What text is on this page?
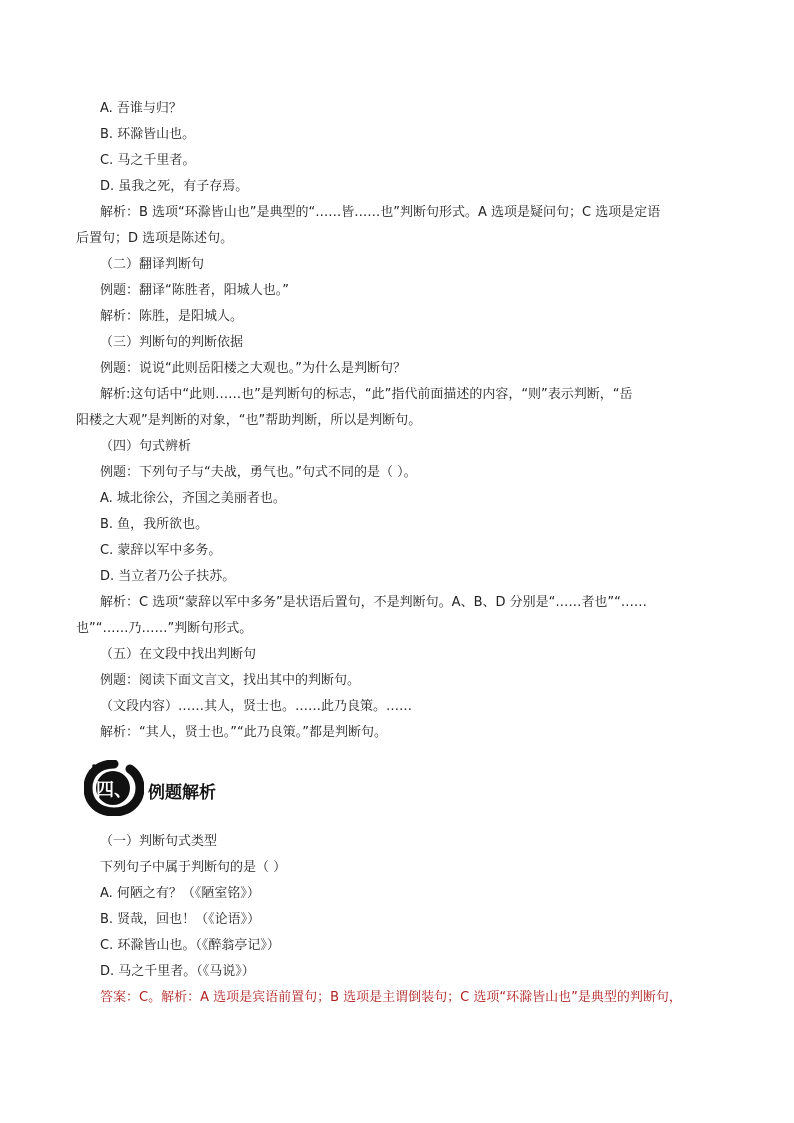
A. 吾谁与归？
B. 环滁皆山也。
C. 马之千里者。
D. 虽我之死，有子存焉。
解析：B 选项“环滁皆山也”是典型的“……皆……也”判断句形式。A 选项是疑问句；C 选项是定语
后置句；D 选项是陈述句。
（二）翻译判断句
例题：翻译“陈胜者，阳城人也。”
解析：陈胜，是阳城人。
（三）判断句的判断依据
例题：说说“此则岳阳楼之大观也。”为什么是判断句？
解析:这句话中“此则……也”是判断句的标志，“此”指代前面描述的内容，“则”表示判断，“岳
阳楼之大观”是判断的对象，“也”帮助判断，所以是判断句。
（四）句式辨析
例题：下列句子与“夫战，勇气也。”句式不同的是（ ）。
A. 城北徐公，齐国之美丽者也。
B. 鱼，我所欲也。
C. 蒙辞以军中多务。
D. 当立者乃公子扶苏。
解析：C 选项“蒙辞以军中多务”是状语后置句，不是判断句。A、B、D 分别是“……者也”“……
也”“……乃……”判断句形式。
（五）在文段中找出判断句
例题：阅读下面文言文，找出其中的判断句。
（文段内容）……其人，贤士也。……此乃良策。……
解析：“其人，贤士也。”“此乃良策。”都是判断句。
四、 例题解析
（一）判断句式类型
下列句子中属于判断句的是（ ）
A. 何陋之有？（《陋室铭》）
B. 贤哉，回也！（《论语》）
C. 环滁皆山也。（《醉翁亭记》）
D. 马之千里者。（《马说》）
答案：C。解析：A 选项是宾语前置句；B 选项是主谓倒装句；C 选项“环滁皆山也”是典型的判断句，
